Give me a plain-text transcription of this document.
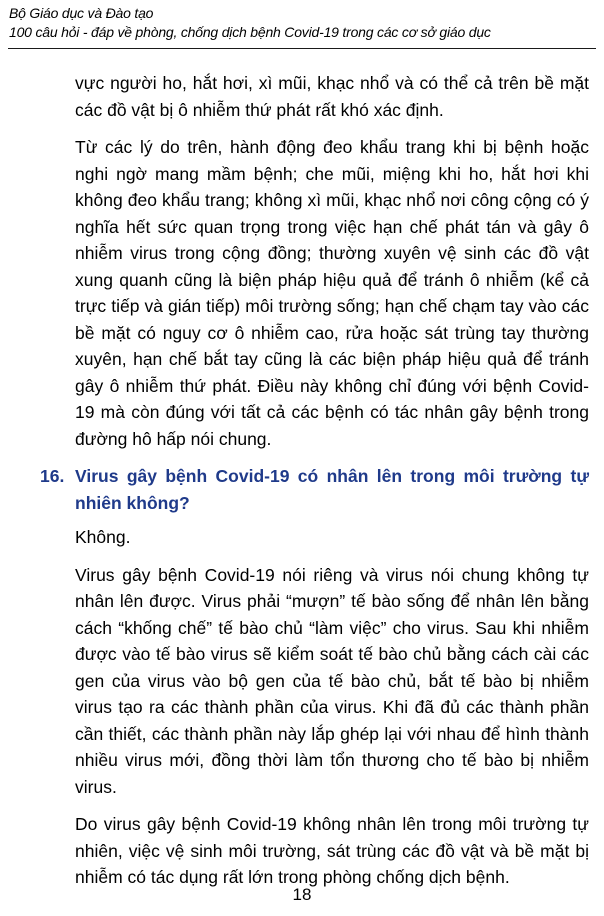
Bộ Giáo dục và Đào tạo
100 câu hỏi - đáp về phòng, chống dịch bệnh Covid-19 trong các cơ sở giáo dục

vực người ho, hắt hơi, xì mũi, khạc nhổ và có thể cả trên bề mặt các đồ vật bị ô nhiễm thứ phát rất khó xác định.

Từ các lý do trên, hành động đeo khẩu trang khi bị bệnh hoặc nghi ngờ mang mầm bệnh; che mũi, miệng khi ho, hắt hơi khi không đeo khẩu trang; không xì mũi, khạc nhổ nơi công cộng có ý nghĩa hết sức quan trọng trong việc hạn chế phát tán và gây ô nhiễm virus trong cộng đồng; thường xuyên vệ sinh các đồ vật xung quanh cũng là biện pháp hiệu quả để tránh ô nhiễm (kể cả trực tiếp và gián tiếp) môi trường sống; hạn chế chạm tay vào các bề mặt có nguy cơ ô nhiễm cao, rửa hoặc sát trùng tay thường xuyên, hạn chế bắt tay cũng là các biện pháp hiệu quả để tránh gây ô nhiễm thứ phát. Điều này không chỉ đúng với bệnh Covid-19 mà còn đúng với tất cả các bệnh có tác nhân gây bệnh trong đường hô hấp nói chung.

16. Virus gây bệnh Covid-19 có nhân lên trong môi trường tự nhiên không?

Không.

Virus gây bệnh Covid-19 nói riêng và virus nói chung không tự nhân lên được. Virus phải “mượn” tế bào sống để nhân lên bằng cách “khống chế” tế bào chủ “làm việc” cho virus. Sau khi nhiễm được vào tế bào virus sẽ kiểm soát tế bào chủ bằng cách cài các gen của virus vào bộ gen của tế bào chủ, bắt tế bào bị nhiễm virus tạo ra các thành phần của virus. Khi đã đủ các thành phần cần thiết, các thành phần này lắp ghép lại với nhau để hình thành nhiều virus mới, đồng thời làm tổn thương cho tế bào bị nhiễm virus.

Do virus gây bệnh Covid-19 không nhân lên trong môi trường tự nhiên, việc vệ sinh môi trường, sát trùng các đồ vật và bề mặt bị nhiễm có tác dụng rất lớn trong phòng chống dịch bệnh.

18
